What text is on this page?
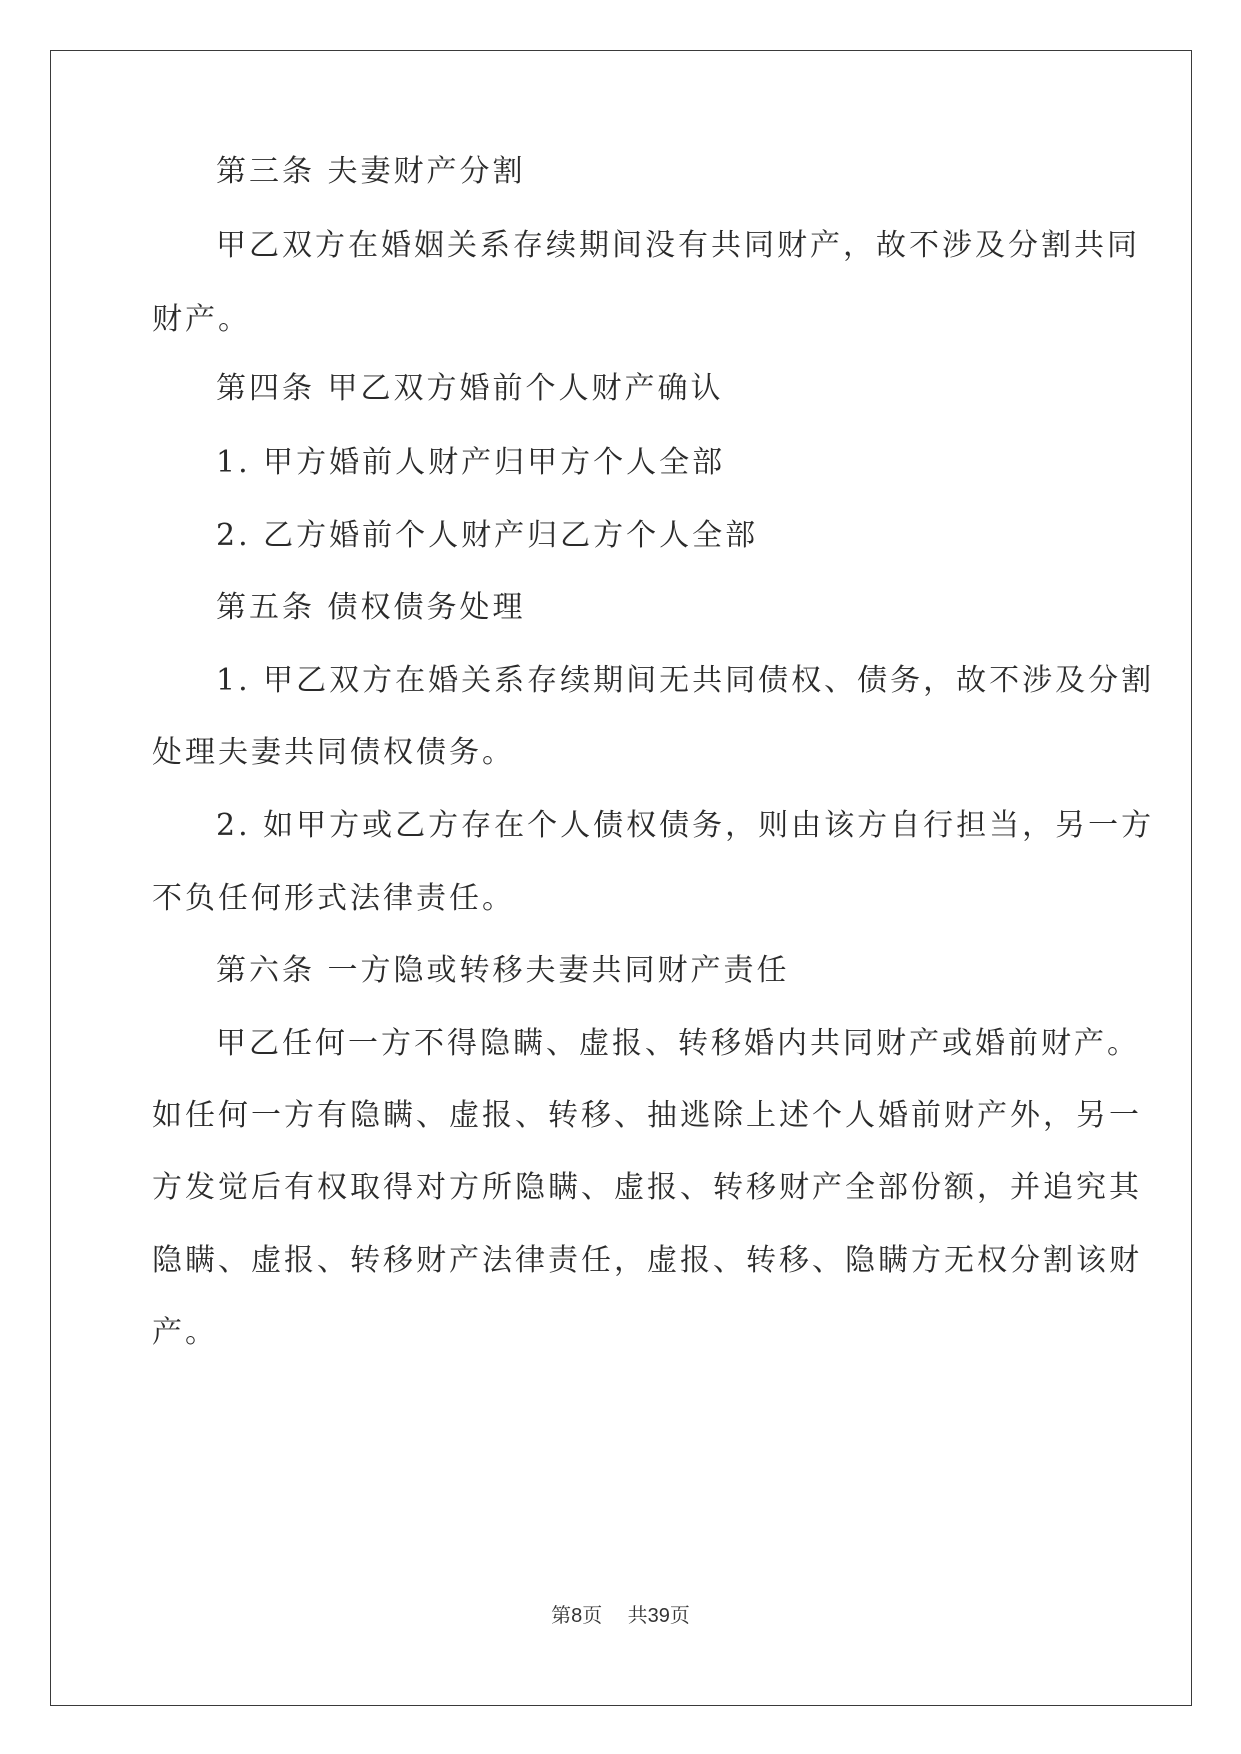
第三条 夫妻财产分割
甲乙双方在婚姻关系存续期间没有共同财产，故不涉及分割共同
财产。
第四条 甲乙双方婚前个人财产确认
1. 甲方婚前人财产归甲方个人全部
2. 乙方婚前个人财产归乙方个人全部
第五条 债权债务处理
1. 甲乙双方在婚关系存续期间无共同债权、债务，故不涉及分割
处理夫妻共同债权债务。
2. 如甲方或乙方存在个人债权债务，则由该方自行担当，另一方
不负任何形式法律责任。
第六条 一方隐或转移夫妻共同财产责任
甲乙任何一方不得隐瞒、虚报、转移婚内共同财产或婚前财产。
如任何一方有隐瞒、虚报、转移、抽逃除上述个人婚前财产外，另一
方发觉后有权取得对方所隐瞒、虚报、转移财产全部份额，并追究其
隐瞒、虚报、转移财产法律责任，虚报、转移、隐瞒方无权分割该财
产。
第8页    共39页
